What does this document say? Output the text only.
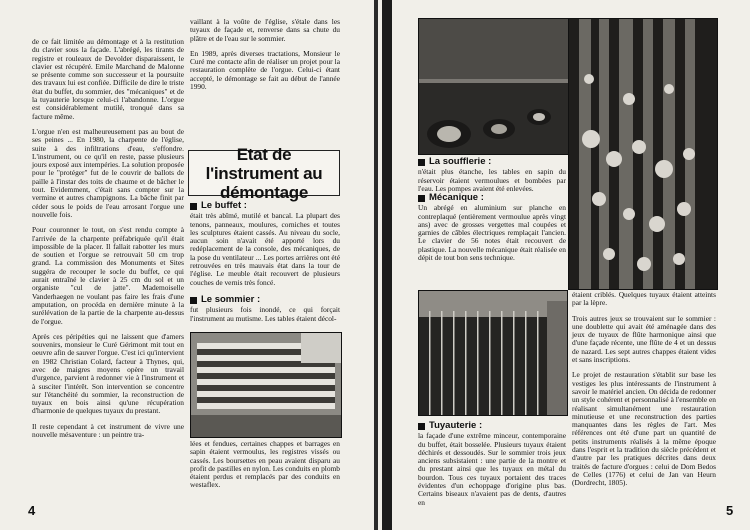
de ce fait limitée au démontage et à la restitution du clavier sous la façade. L'abrégé, les tirants de registre et rouleaux de Devolder disparaissent, le clavier est récupéré. Emile Marchand de Malonne se présente comme son successeur et la poursuite des travaux lui est confiée. Difficile de dire le triste état du buffet, du sommier, des "mécaniques" et de la tuyauterie lorsque celui-ci l'abandonne. L'orgue est considérablement mutilé, tronqué dans sa facture même.

L'orgue n'en est malheureusement pas au bout de ses peines ... En 1980, la charpente de l'église, suite à des infiltrations d'eau, s'effondre. L'instrument, ou ce qu'il en reste, passe plusieurs jours exposé aux intempéries. La solution proposée pour le "protéger" fut de le couvrir de ballots de paille à l'instar des toits de chaume et de bâcher le tout. Evidemment, c'était sans compter sur la vermine et autres champignons. La bâche finit par céder sous le poids de l'eau arrosant l'orgue une nouvelle fois.

Pour couronner le tout, on s'est rendu compte à l'arrivée de la charpente préfabriquée qu'il était impossible de la placer. Il fallait rabotter les murs de soutien et l'orgue se retrouvait 50 cm trop grand. La commission des Monuments et Sites suggéra de recouper le socle du buffet, ce qui aurait entraîné le clavier à 25 cm du sol et un organiste "cul de jatte". Mademoiselle Vanderhaegen ne voulant pas faire les frais d'une amputation, on procéda en dernière minute à la surélévation de la partie de la charpente au-dessus de l'orgue.

Après ces péripéties qui ne laissent que d'amers souvenirs, monsieur le Curé Gérimont mit tout en oeuvre afin de sauver l'orgue. C'est ici qu'intervient en 1982 Christian Colard, facteur à Thynes, qui, avec de maigres moyens opère un travail d'urgence, parvient à redonner vie à l'instrument et à susciter l'intérêt. Son intervention se concentre sur l'étanchéité du sommier, la reconstruction de tuyaux en bois ainsi qu'une récupération d'harmonie de quelques tuyaux du prestant.

Il reste cependant à cet instrument de vivre une nouvelle mésaventure : un peintre tra-

vaillant à la voûte de l'église, s'étale dans les tuyaux de façade et, renverse dans sa chute du plâtre et de l'eau sur le sommier.

En 1989, après diverses tractations, Monsieur le Curé me contacte afin de réaliser un projet pour la restauration complète de l'orgue. Celui-ci étant accepté, le démontage se fait au début de l'année 1990.

Etat de l'instrument au démontage
Le buffet :

était très abîmé, mutilé et bancal. La plupart des tenons, panneaux, moulures, corniches et toutes les sculptures étaient cassés. Au niveau du socle, aucun soin n'avait été apporté lors du redéplacement de la console, des mécaniques, de la pose du ventilateur ... Les portes arrières ont été retrouvées en très mauvais état dans la tour de l'église. Le meuble était recouvert de plusieurs couches de vernis très foncé.

Le sommier :

fut plusieurs fois inondé, ce qui forçait l'instrument au mutisme. Les tables étaient décol-

lées et fendues, certaines chappes et barrages en sapin étaient vermoulus, les registres vissés ou cassés. Les boursettes en peau avaient disparu au profit de pastilles en nylon. Les conduits en plomb étaient perdus et remplacés par des conduits en westaflex.

4
La soufflerie :

n'était plus étanche, les tables en sapin du réservoir étaient vermoulues et bombées par l'eau. Les pompes avaient été enlevées.

Mécanique :

Un abrégé en aluminium sur planche en contreplaqué (entièrement vermoulue après vingt ans) avec de grosses vergettes mal coupées et garnies de câbles électriques remplaçait l'ancien. Le clavier de 56 notes était recouvert de plastique. La nouvelle mécanique était réalisée en dépit de tout bon sens technique.

Tuyauterie :

la façade d'une extrême minceur, contemporaine du buffet, était bosselée. Plusieurs tuyaux étaient déchirés et dessoudés. Sur le sommier trois jeux anciens subsistaient : une partie de la montre et du prestant ainsi que les tuyaux en métal du bourdon. Tous ces tuyaux portaient des traces évidentes d'un echoppage d'origine plus bas. Certains biseaux n'avaient pas de dents, d'autres en

étaient criblés. Quelques tuyaux étaient atteints par la lèpre.

Trois autres jeux se trouvaient sur le sommier : une doublette qui avait été aménagée dans des jeux de tuyaux de flûte harmonique ainsi que d'une façade récente, une flûte de 4 et un dessus de nazard. Les sept autres chappes étaient vides et sans inscriptions.

Le projet de restauration s'établit sur base les vestiges les plus intéressants de l'instrument à savoir le matériel ancien. On décida de redonner un style cohérent et personnalisé à l'ensemble en réalisant simultanément une restauration minutieuse et une reconstruction des parties manquantes dans les règles de l'art. Mes références ont été d'une part un quantité de petits instruments réalisés à la même époque dans l'esprit et la tradition du siècle précédent et d'autre par les pratiques décrites dans deux traités de facture d'orgues : celui de Dom Bedos de Celles (1776) et celui de Jan van Heurn (Dordrecht, 1805).

5
